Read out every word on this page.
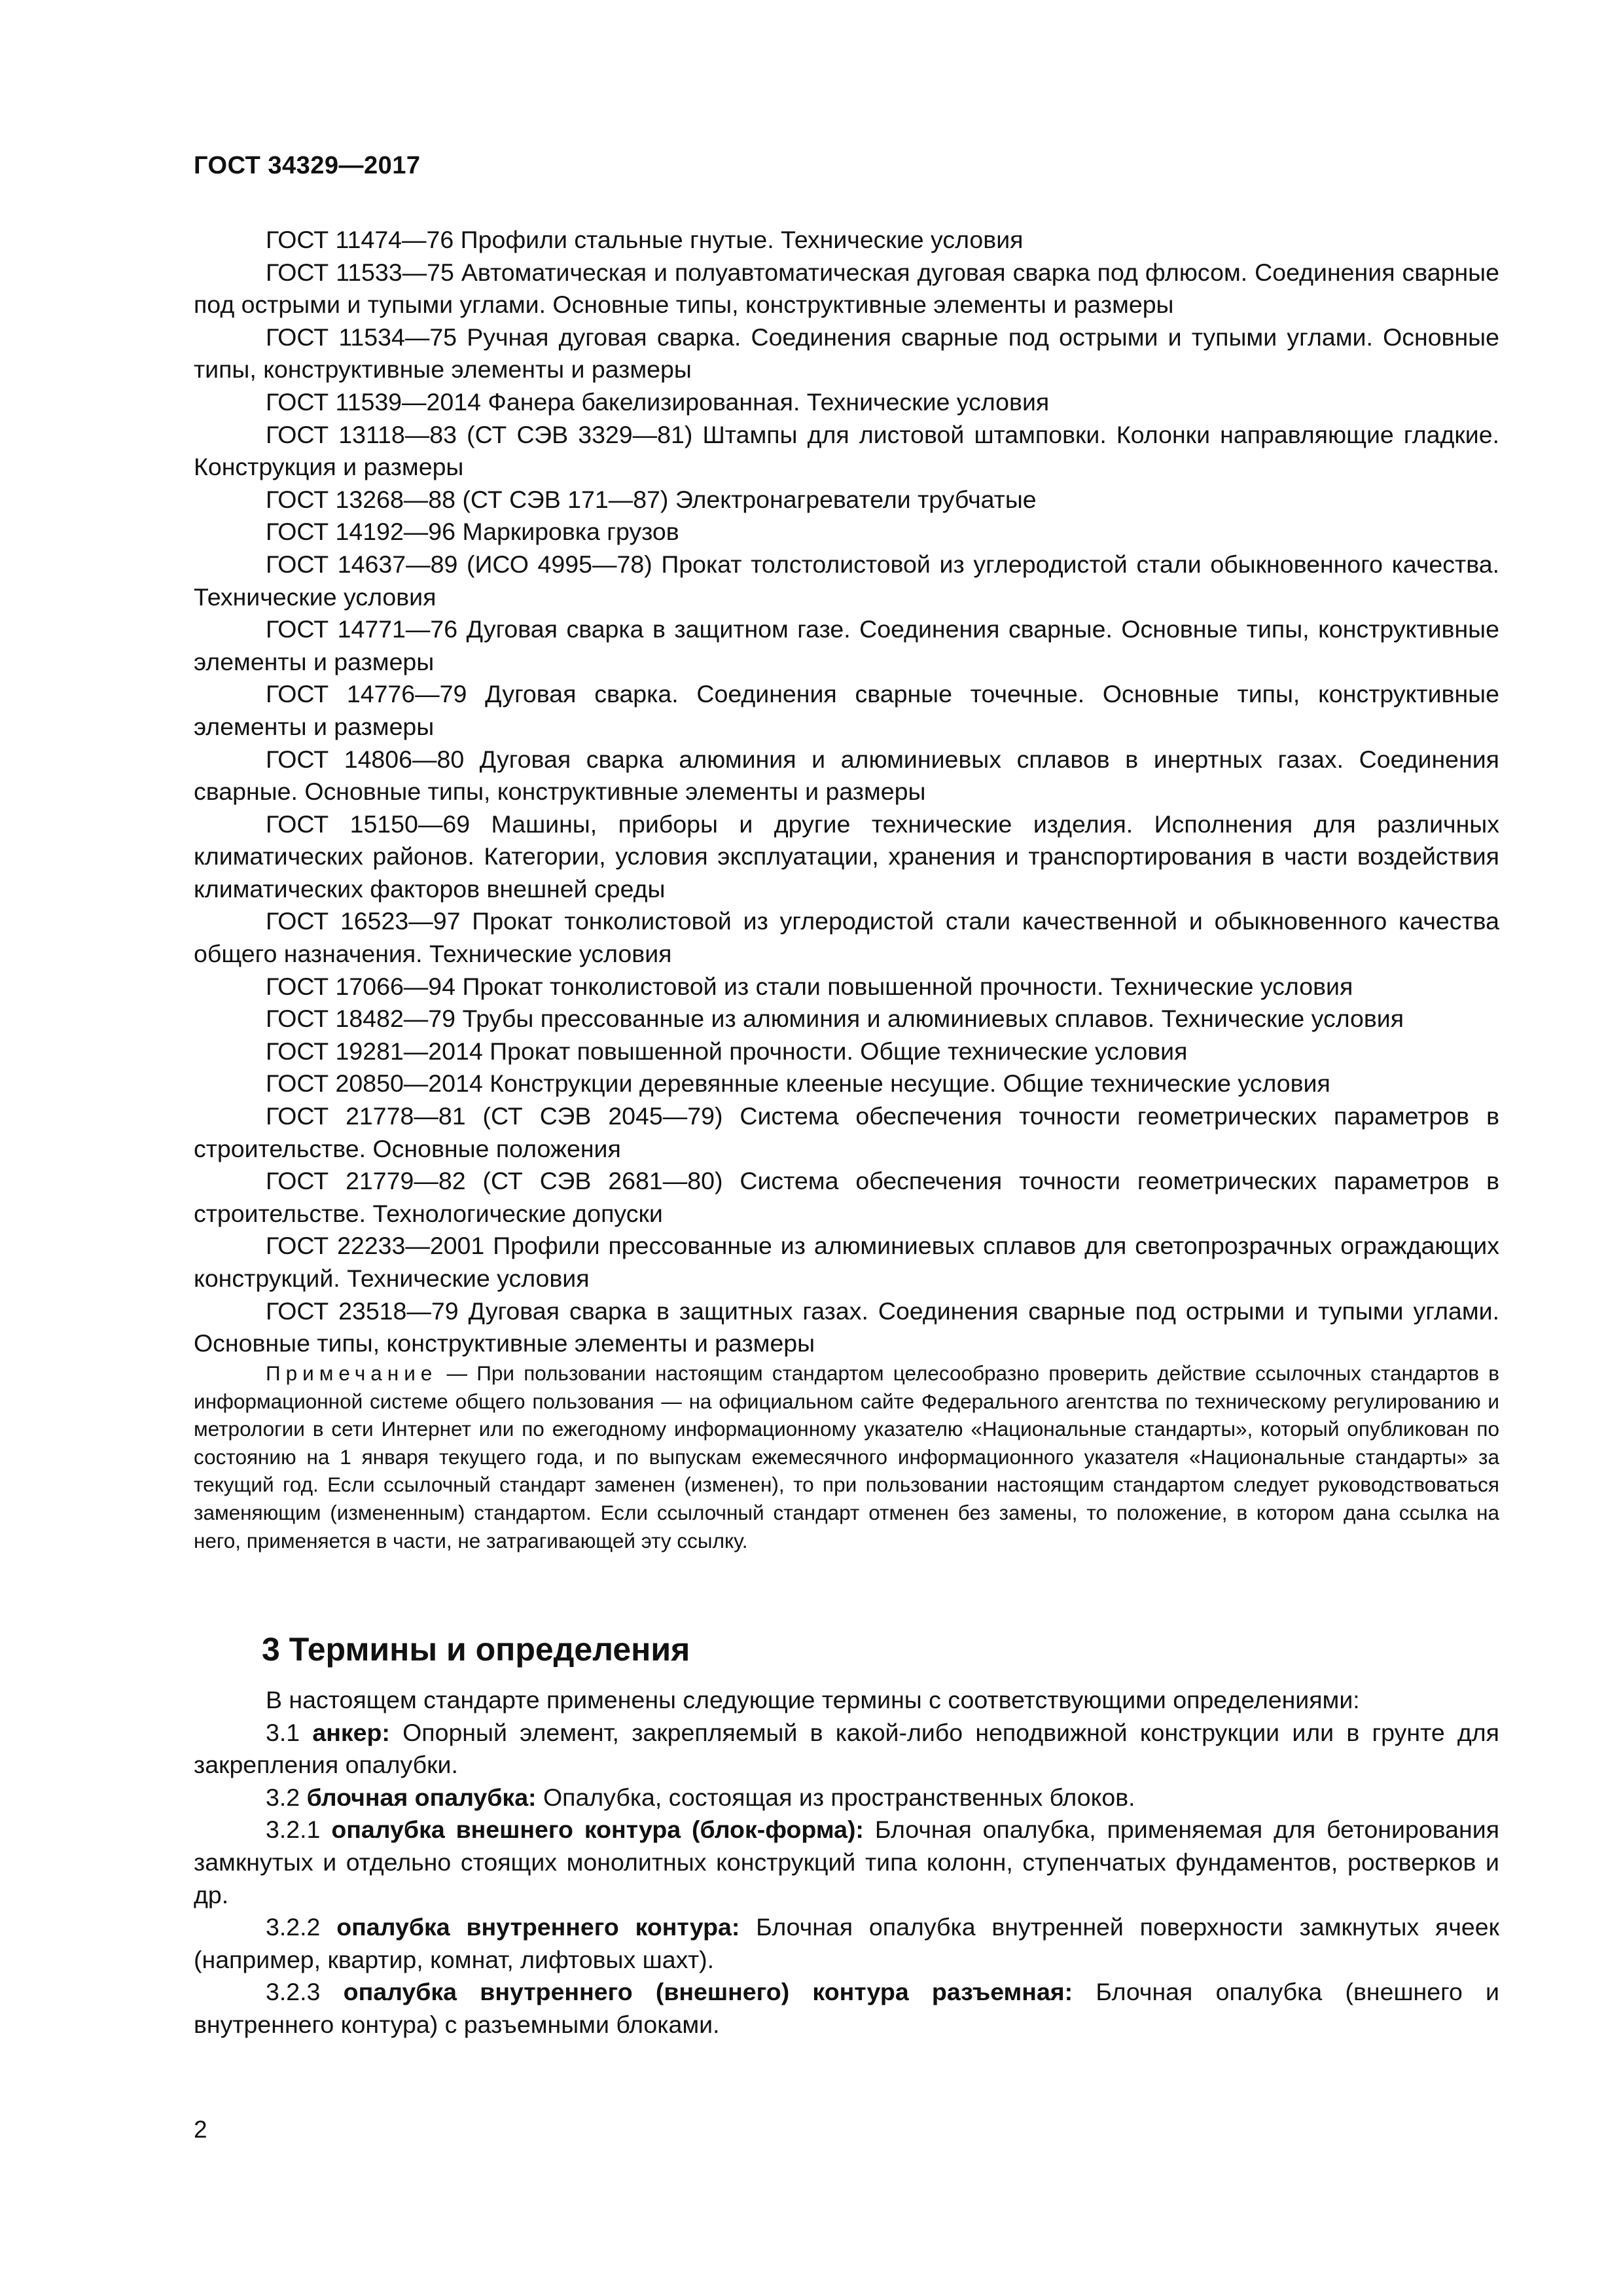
ГОСТ 34329—2017

ГОСТ 11474—76 Профили стальные гнутые. Технические условия

ГОСТ 11533—75 Автоматическая и полуавтоматическая дуговая сварка под флюсом. Соединения сварные под острыми и тупыми углами. Основные типы, конструктивные элементы и размеры

ГОСТ 11534—75 Ручная дуговая сварка. Соединения сварные под острыми и тупыми углами. Основные типы, конструктивные элементы и размеры

ГОСТ 11539—2014 Фанера бакелизированная. Технические условия

ГОСТ 13118—83 (СТ СЭВ 3329—81) Штампы для листовой штамповки. Колонки направляющие гладкие. Конструкция и размеры

ГОСТ 13268—88 (СТ СЭВ 171—87) Электронагреватели трубчатые

ГОСТ 14192—96 Маркировка грузов

ГОСТ 14637—89 (ИСО 4995—78) Прокат толстолистовой из углеродистой стали обыкновенного качества. Технические условия

ГОСТ 14771—76 Дуговая сварка в защитном газе. Соединения сварные. Основные типы, конструктивные элементы и размеры

ГОСТ 14776—79 Дуговая сварка. Соединения сварные точечные. Основные типы, конструктивные элементы и размеры

ГОСТ 14806—80 Дуговая сварка алюминия и алюминиевых сплавов в инертных газах. Соединения сварные. Основные типы, конструктивные элементы и размеры

ГОСТ 15150—69 Машины, приборы и другие технические изделия. Исполнения для различных климатических районов. Категории, условия эксплуатации, хранения и транспортирования в части воздействия климатических факторов внешней среды

ГОСТ 16523—97 Прокат тонколистовой из углеродистой стали качественной и обыкновенного качества общего назначения. Технические условия

ГОСТ 17066—94 Прокат тонколистовой из стали повышенной прочности. Технические условия

ГОСТ 18482—79 Трубы прессованные из алюминия и алюминиевых сплавов. Технические условия

ГОСТ 19281—2014 Прокат повышенной прочности. Общие технические условия

ГОСТ 20850—2014 Конструкции деревянные клееные несущие. Общие технические условия

ГОСТ 21778—81 (СТ СЭВ 2045—79) Система обеспечения точности геометрических параметров в строительстве. Основные положения

ГОСТ 21779—82 (СТ СЭВ 2681—80) Система обеспечения точности геометрических параметров в строительстве. Технологические допуски

ГОСТ 22233—2001 Профили прессованные из алюминиевых сплавов для светопрозрачных ограждающих конструкций. Технические условия

ГОСТ 23518—79 Дуговая сварка в защитных газах. Соединения сварные под острыми и тупыми углами. Основные типы, конструктивные элементы и размеры

Примечание — При пользовании настоящим стандартом целесообразно проверить действие ссылочных стандартов в информационной системе общего пользования — на официальном сайте Федерального агентства по техническому регулированию и метрологии в сети Интернет или по ежегодному информационному указателю «Национальные стандарты», который опубликован по состоянию на 1 января текущего года, и по выпускам ежемесячного информационного указателя «Национальные стандарты» за текущий год. Если ссылочный стандарт заменен (изменен), то при пользовании настоящим стандартом следует руководствоваться заменяющим (измененным) стандартом. Если ссылочный стандарт отменен без замены, то положение, в котором дана ссылка на него, применяется в части, не затрагивающей эту ссылку.

3 Термины и определения

В настоящем стандарте применены следующие термины с соответствующими определениями:

3.1 анкер: Опорный элемент, закрепляемый в какой-либо неподвижной конструкции или в грунте для закрепления опалубки.

3.2 блочная опалубка: Опалубка, состоящая из пространственных блоков.

3.2.1 опалубка внешнего контура (блок-форма): Блочная опалубка, применяемая для бетонирования замкнутых и отдельно стоящих монолитных конструкций типа колонн, ступенчатых фундаментов, ростверков и др.

3.2.2 опалубка внутреннего контура: Блочная опалубка внутренней поверхности замкнутых ячеек (например, квартир, комнат, лифтовых шахт).

3.2.3 опалубка внутреннего (внешнего) контура разъемная: Блочная опалубка (внешнего и внутреннего контура) с разъемными блоками.

2
